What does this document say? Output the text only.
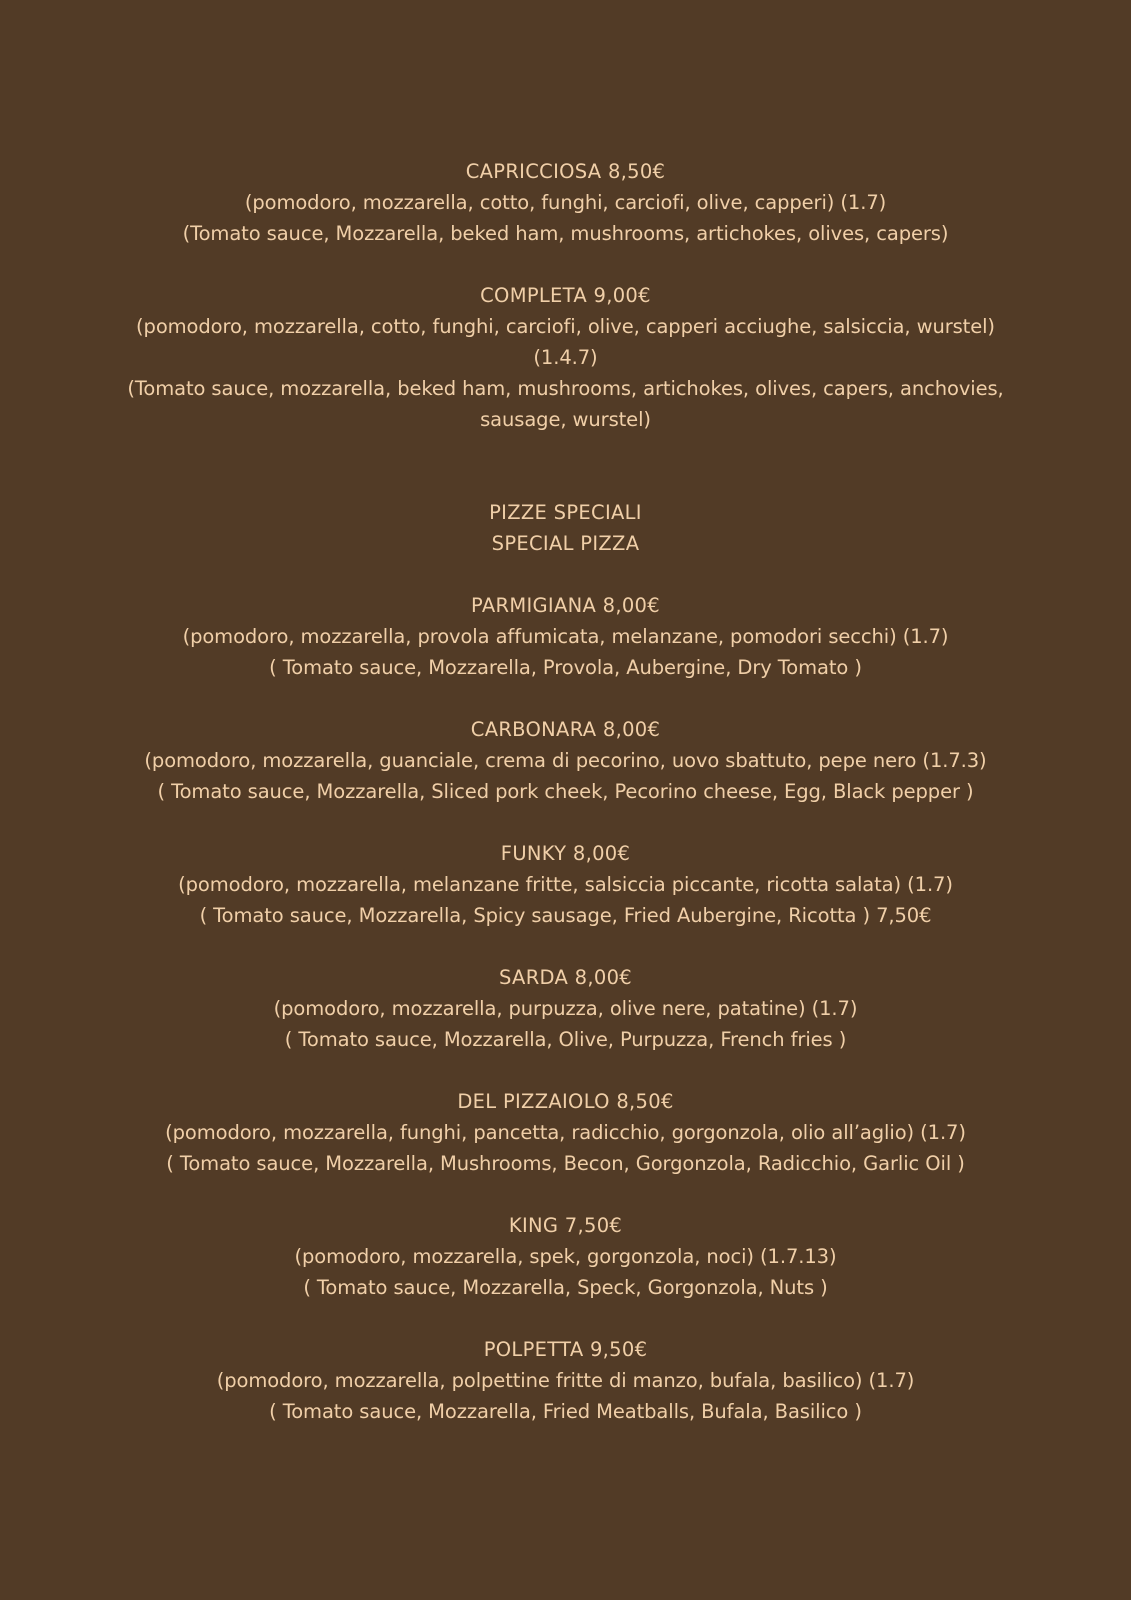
CAPRICCIOSA 8,50€
(pomodoro, mozzarella, cotto, funghi, carciofi, olive, capperi) (1.7)
(Tomato sauce, Mozzarella, beked ham, mushrooms, artichokes, olives, capers)
COMPLETA 9,00€
(pomodoro, mozzarella, cotto, funghi, carciofi, olive, capperi acciughe, salsiccia, wurstel) (1.4.7)
(Tomato sauce, mozzarella, beked ham, mushrooms, artichokes, olives, capers, anchovies, sausage, wurstel)
PIZZE SPECIALI
SPECIAL PIZZA
PARMIGIANA 8,00€
(pomodoro, mozzarella, provola affumicata, melanzane, pomodori secchi) (1.7)
( Tomato sauce, Mozzarella, Provola, Aubergine, Dry Tomato )
CARBONARA 8,00€
(pomodoro, mozzarella, guanciale, crema di pecorino, uovo sbattuto, pepe nero (1.7.3)
( Tomato sauce, Mozzarella, Sliced pork cheek, Pecorino cheese, Egg, Black pepper )
FUNKY 8,00€
(pomodoro, mozzarella, melanzane fritte, salsiccia piccante, ricotta salata) (1.7)
( Tomato sauce, Mozzarella, Spicy sausage, Fried Aubergine, Ricotta ) 7,50€
SARDA 8,00€
(pomodoro, mozzarella, purpuzza, olive nere, patatine) (1.7)
( Tomato sauce, Mozzarella, Olive, Purpuzza, French fries )
DEL PIZZAIOLO 8,50€
(pomodoro, mozzarella, funghi, pancetta, radicchio, gorgonzola, olio all’aglio) (1.7)
( Tomato sauce, Mozzarella, Mushrooms, Becon, Gorgonzola, Radicchio, Garlic Oil )
KING 7,50€
(pomodoro, mozzarella, spek, gorgonzola, noci) (1.7.13)
( Tomato sauce, Mozzarella, Speck, Gorgonzola, Nuts )
POLPETTA 9,50€
(pomodoro, mozzarella, polpettine fritte di manzo, bufala, basilico) (1.7)
( Tomato sauce, Mozzarella, Fried Meatballs, Bufala, Basilico )
